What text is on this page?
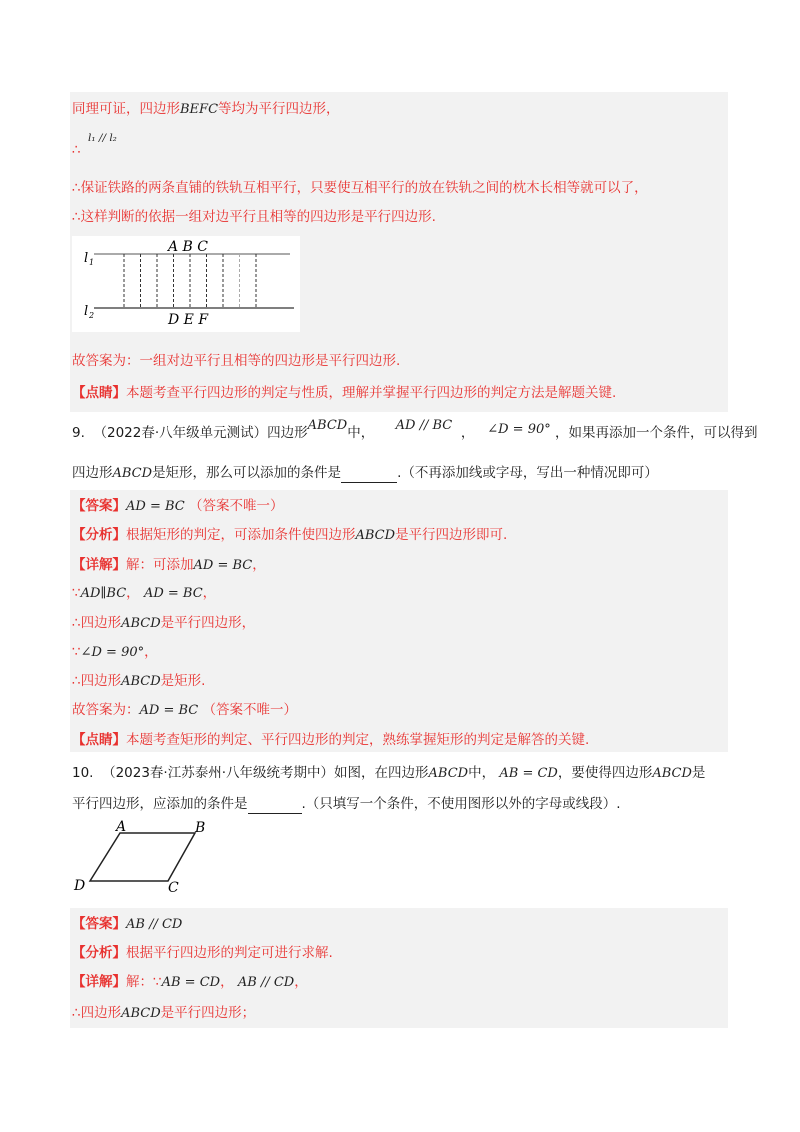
同理可证，四边形BEFC等均为平行四边形，
l₁ // l₂
∴
∴保证铁路的两条直铺的铁轨互相平行，只要使互相平行的放在铁轨之间的枕木长相等就可以了，
∴这样判断的依据一组对边平行且相等的四边形是平行四边形.
l 1
l 2
A B C
D E F
故答案为：一组对边平行且相等的四边形是平行四边形.
【点睛】本题考查平行四边形的判定与性质，理解并掌握平行四边形的判定方法是解题关键.
9. （2022春·八年级单元测试）四边形ABCD中， AD // BC ， ∠D = 90° ，如果再添加一个条件，可以得到
四边形ABCD是矩形，那么可以添加的条件是	.（不再添加线或字母，写出一种情况即可）
【答案】AD = BC （答案不唯一）
【分析】根据矩形的判定，可添加条件使四边形ABCD是平行四边形即可.
【详解】解：可添加AD = BC，
∵AD∥BC， AD = BC，
∴四边形ABCD是平行四边形，
∵∠D = 90°，
∴四边形ABCD是矩形.
故答案为：AD = BC （答案不唯一）
【点睛】本题考查矩形的判定、平行四边形的判定，熟练掌握矩形的判定是解答的关键.
10. （2023春·江苏泰州·八年级统考期中）如图，在四边形ABCD中， AB = CD，要使得四边形ABCD是
平行四边形，应添加的条件是	.（只填写一个条件，不使用图形以外的字母或线段）.
A	B
C
D
【答案】AB // CD
【分析】根据平行四边形的判定可进行求解.
【详解】解：∵AB = CD， AB // CD，
∴四边形ABCD是平行四边形；
